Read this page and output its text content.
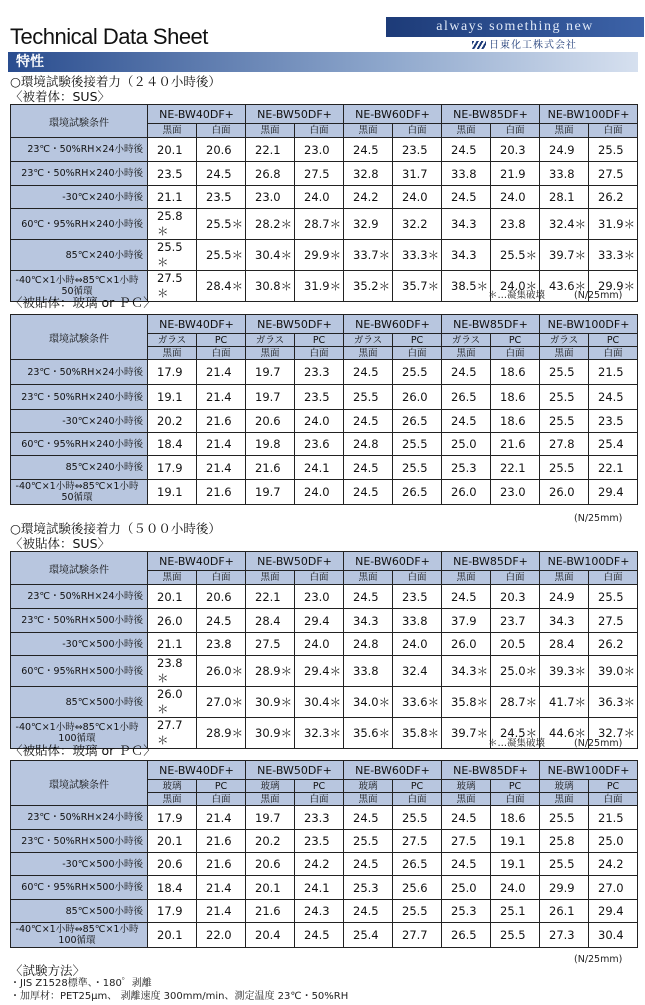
Technical Data Sheet	always something new
日東化工株式会社
特性
○環境試験後接着力（２４０小時後）
〈被着体：SUS〉
環境試験条件	NE-BW40DF+		NE-BW50DF+		NE-BW60DF+		NE-BW85DF+		NE-BW100DF+	
	黒面	白面	黒面	白面	黒面	白面	黒面	白面	黒面	白面

23℃・50%RH×24小時後	20.1	20.6	22.1	23.0	24.5	23.5	24.5	20.3	24.9	25.5

23℃・50%RH×240小時後	23.5	24.5	26.8	27.5	32.8	31.7	33.8	21.9	33.8	27.5

-30℃×240小時後	21.1	23.5	23.0	24.0	24.2	24.0	24.5	24.0	28.1	26.2

60℃・95%RH×240小時後	25.8 ＊	25.5＊	28.2＊	28.7＊	32.9	32.2	34.3	23.8	32.4＊	31.9＊

85℃×240小時後	25.5 ＊	25.5＊	30.4＊	29.9＊	33.7＊	33.3＊	34.3	25.5＊	39.7＊	33.3＊

-40℃×1小時⇔85℃×1小時
50循環	27.5 ＊	28.4＊	30.8＊	31.9＊	35.2＊	35.7＊	38.5＊	24.0＊	43.6＊	29.9＊
＊…凝集破壊	(N/25mm)
〈被貼体：玻璃 or ＰＣ〉
環境試験条件	NE-BW40DF+		NE-BW50DF+		NE-BW60DF+		NE-BW85DF+		NE-BW100DF+	
	ガラス	PC	ガラス	PC	ガラス	PC	ガラス	PC	ガラス	PC
	黒面	白面	黒面	白面	黒面	白面	黒面	白面	黒面	白面

23℃・50%RH×24小時後	17.9	21.4	19.7	23.3	24.5	25.5	24.5	18.6	25.5	21.5

23℃・50%RH×240小時後	19.1	21.4	19.7	23.5	25.5	26.0	26.5	18.6	25.5	24.5

-30℃×240小時後	20.2	21.6	20.6	24.0	24.5	26.5	24.5	18.6	25.5	23.5

60℃・95%RH×240小時後	18.4	21.4	19.8	23.6	24.8	25.5	25.0	21.6	27.8	25.4

85℃×240小時後	17.9	21.4	21.6	24.1	24.5	25.5	25.3	22.1	25.5	22.1

-40℃×1小時⇔85℃×1小時
50循環	19.1	21.6	19.7	24.0	24.5	26.5	26.0	23.0	26.0	29.4
(N/25mm)
○環境試験後接着力（５００小時後）
〈被貼体：SUS〉
環境試験条件	NE-BW40DF+		NE-BW50DF+		NE-BW60DF+		NE-BW85DF+		NE-BW100DF+	
	黒面	白面	黒面	白面	黒面	白面	黒面	白面	黒面	白面

23℃・50%RH×24小時後	20.1	20.6	22.1	23.0	24.5	23.5	24.5	20.3	24.9	25.5

23℃・50%RH×500小時後	26.0	24.5	28.4	29.4	34.3	33.8	37.9	23.7	34.3	27.5

-30℃×500小時後	21.1	23.8	27.5	24.0	24.8	24.0	26.0	20.5	28.4	26.2

60℃・95%RH×500小時後	23.8 ＊	26.0＊	28.9＊	29.4＊	33.8	32.4	34.3＊	25.0＊	39.3＊	39.0＊

85℃×500小時後	26.0 ＊	27.0＊	30.9＊	30.4＊	34.0＊	33.6＊	35.8＊	28.7＊	41.7＊	36.3＊

-40℃×1小時⇔85℃×1小時
100循環	27.7 ＊	28.9＊	30.9＊	32.3＊	35.6＊	35.8＊	39.7＊	24.5＊	44.6＊	32.7＊
＊…凝集破壊	(N/25mm)
〈被貼体：玻璃 or ＰＣ〉
環境試験条件	NE-BW40DF+		NE-BW50DF+		NE-BW60DF+		NE-BW85DF+		NE-BW100DF+	
	玻璃	PC	玻璃	PC	玻璃	PC	玻璃	PC	玻璃	PC
	黒面	白面	黒面	白面	黒面	白面	黒面	白面	黒面	白面

23℃・50%RH×24小時後	17.9	21.4	19.7	23.3	24.5	25.5	24.5	18.6	25.5	21.5

23℃・50%RH×500小時後	20.1	21.6	20.2	23.5	25.5	27.5	27.5	19.1	25.8	25.0

-30℃×500小時後	20.6	21.6	20.6	24.2	24.5	26.5	24.5	19.1	25.5	24.2

60℃・95%RH×500小時後	18.4	21.4	20.1	24.1	25.3	25.6	25.0	24.0	29.9	27.0

85℃×500小時後	17.9	21.4	21.6	24.3	24.5	25.5	25.3	25.1	26.1	29.4

-40℃×1小時⇔85℃×1小時
100循環	20.1	22.0	20.4	24.5	25.4	27.7	26.5	25.5	27.3	30.4
(N/25mm)
〈試験方法〉
・JIS Z1528標準、・180゜剥離
・加厚材：PET25μm、 剥離速度 300mm/min、測定温度 23℃・50%RH
